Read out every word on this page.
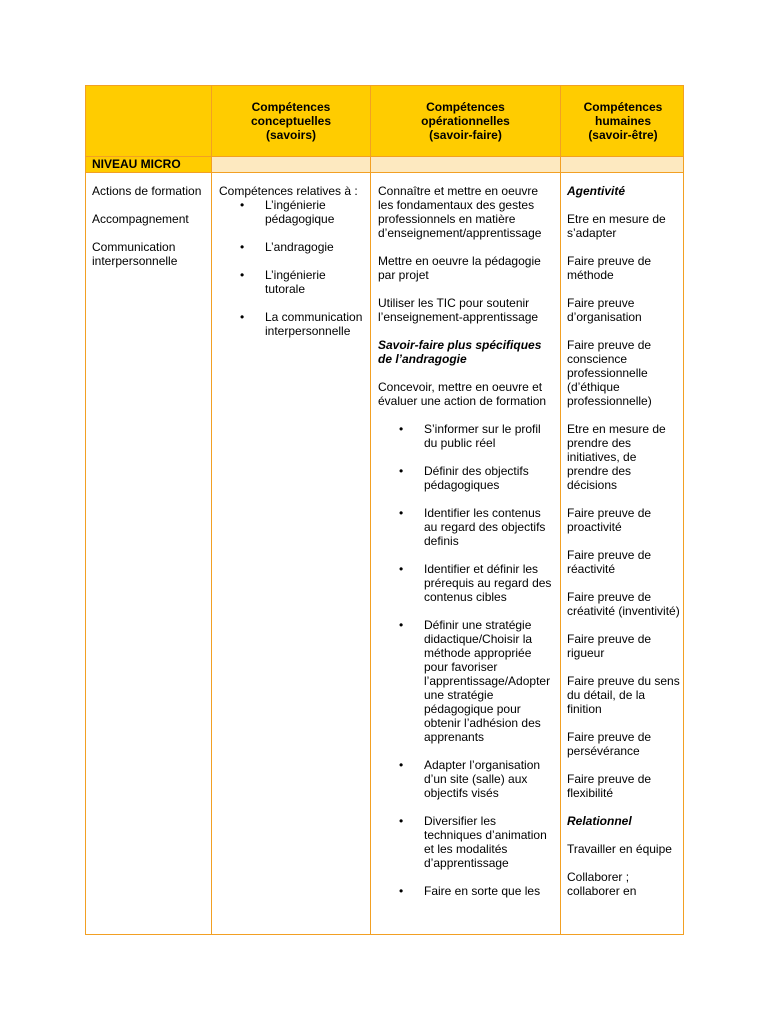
Compétences
conceptuelles
(savoirs)
Compétences
opérationnelles
(savoir-faire)
Compétences
humaines
(savoir-être)
NIVEAU MICRO

Actions de formation

Accompagnement

Communication interpersonnelle

Compétences relatives à :

• L’ingénierie pédagogique
• L’andragogie
• L’ingénierie tutorale
• La communication interpersonnelle

Connaître et mettre en oeuvre les fondamentaux des gestes professionnels en matière d’enseignement/apprentissage

Mettre en oeuvre la pédagogie par projet

Utiliser les TIC pour soutenir l’enseignement-apprentissage

Savoir-faire plus spécifiques de l’andragogie

Concevoir, mettre en oeuvre et évaluer une action de formation

• S’informer sur le profil du public réel
• Définir des objectifs pédagogiques
• Identifier les contenus au regard des objectifs definis
• Identifier et définir les prérequis au regard des contenus cibles
• Définir une stratégie didactique/Choisir la méthode appropriée pour favoriser l’apprentissage/Adopter une stratégie pédagogique pour obtenir l’adhésion des apprenants
• Adapter l’organisation d’un site (salle) aux objectifs visés
• Diversifier les techniques d’animation et les modalités d’apprentissage
• Faire en sorte que les

Agentivité

Etre en mesure de s’adapter

Faire preuve de méthode

Faire preuve d’organisation

Faire preuve de conscience professionnelle (d’éthique professionnelle)

Etre en mesure de prendre des initiatives, de prendre des décisions

Faire preuve de proactivité

Faire preuve de réactivité

Faire preuve de créativité (inventivité)

Faire preuve de rigueur

Faire preuve du sens du détail, de la finition

Faire preuve de persévérance

Faire preuve de flexibilité

Relationnel

Travailler en équipe

Collaborer ; collaborer en
